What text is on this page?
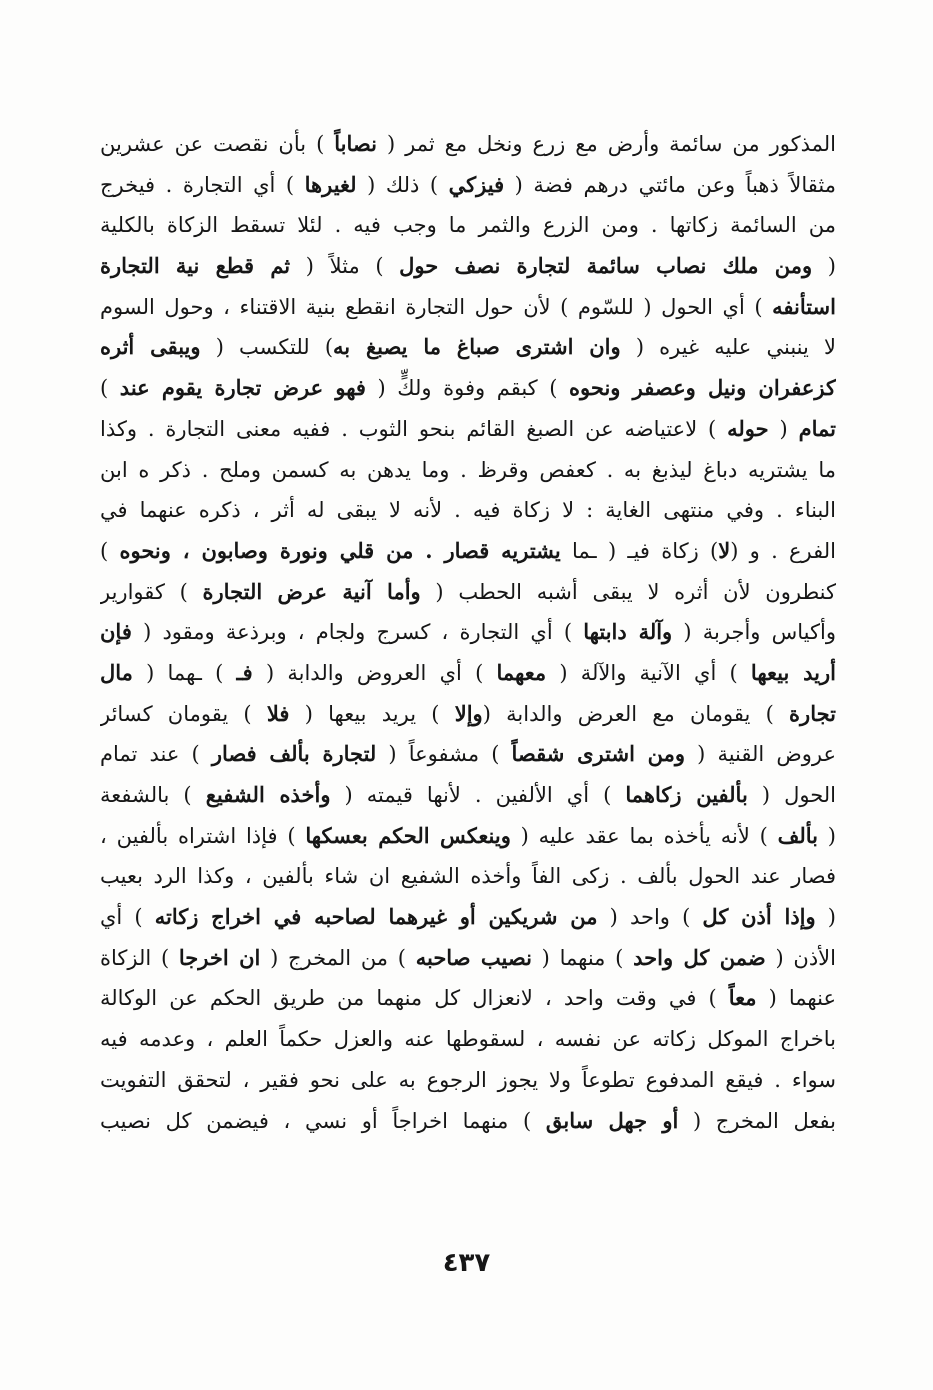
المذكور من سائمة وأرض مع زرع ونخل مع ثمر ( نصاباً ) بأن نقصت عن عشرين
مثقالاً ذهباً وعن مائتي درهم فضة ( فيزكي ) ذلك ( لغيرها ) أي التجارة . فيخرج
من السائمة زكاتها . ومن الزرع والثمر ما وجب فيه . لئلا تسقط الزكاة بالكلية
( ومن ملك نصاب سائمة لتجارة نصف حول ) مثلاً ( ثم قطع نية التجارة
استأنفه ) أي الحول ( للسّوم ) لأن حول التجارة انقطع بنية الاقتناء ، وحول السوم
لا ينبني عليه غيره ( وان اشترى صباغ ما يصبغ به) للتكسب ( ويبقى أثره
كزعفران ونيل وعصفر ونحوه ) كبقم وفوة ولكٍّ ( فهو عرض تجارة يقوم عند )
تمام ( حوله ) لاعتياضه عن الصبغ القائم بنحو الثوب . ففيه معنى التجارة . وكذا
ما يشتريه دباغ ليذبغ به . كعفص وقرظ . وما يدهن به كسمن وملح . ذكر ه ابن
البناء . وفي منتهى الغاية : لا زكاة فيه . لأنه لا يبقى له أثر ، ذكره عنهما في
الفرع . و (لا) زكاة فيـ ( ـما يشتريه قصار . من قلي ونورة وصابون ، ونحوه )
كنطرون لأن أثره لا يبقى أشبه الحطب ( وأما آنية عرض التجارة ) كقوارير
وأكياس وأجربة ( وآلة دابتها ) أي التجارة ، كسرج ولجام ، وبرذعة ومقود ( فإن
أريد بيعها ) أي الآنية والآلة ( معهما ) أي العروض والدابة ( فـ ) ـهما ( مال
تجارة ) يقومان مع العرض والدابة (وإلا ) يريد بيعها ( فلا ) يقومان كسائر
عروض القنية ( ومن اشترى شقصاً ) مشفوعاً ( لتجارة بألف فصار ) عند تمام
الحول ( بألفين زكاهما ) أي الألفين . لأنها قيمته ( وأخذه الشفيع ) بالشفعة
( بألف ) لأنه يأخذه بما عقد عليه ( وينعكس الحكم بعسكها ) فإذا اشتراه بألفين ،
فصار عند الحول بألف . زكى الفاً وأخذه الشفيع ان شاء بألفين ، وكذا الرد بعيب
( وإذا أذن كل ) واحد ( من شريكين أو غيرهما لصاحبه في اخراج زكاته ) أي
الأذن ( ضمن كل واحد ) منهما ( نصيب صاحبه ) من المخرج ( ان اخرجا ) الزكاة
عنهما ( معاً ) في وقت واحد ، لانعزال كل منهما من طريق الحكم عن الوكالة
باخراج الموكل زكاته عن نفسه ، لسقوطها عنه والعزل حكماً العلم ، وعدمه فيه
سواء . فيقع المدفوع تطوعاً ولا يجوز الرجوع به على نحو فقير ، لتحقق التفويت
بفعل المخرج ( أو جهل سابق ) منهما اخراجاً أو نسي ، فيضمن كل نصيب
٤٣٧
